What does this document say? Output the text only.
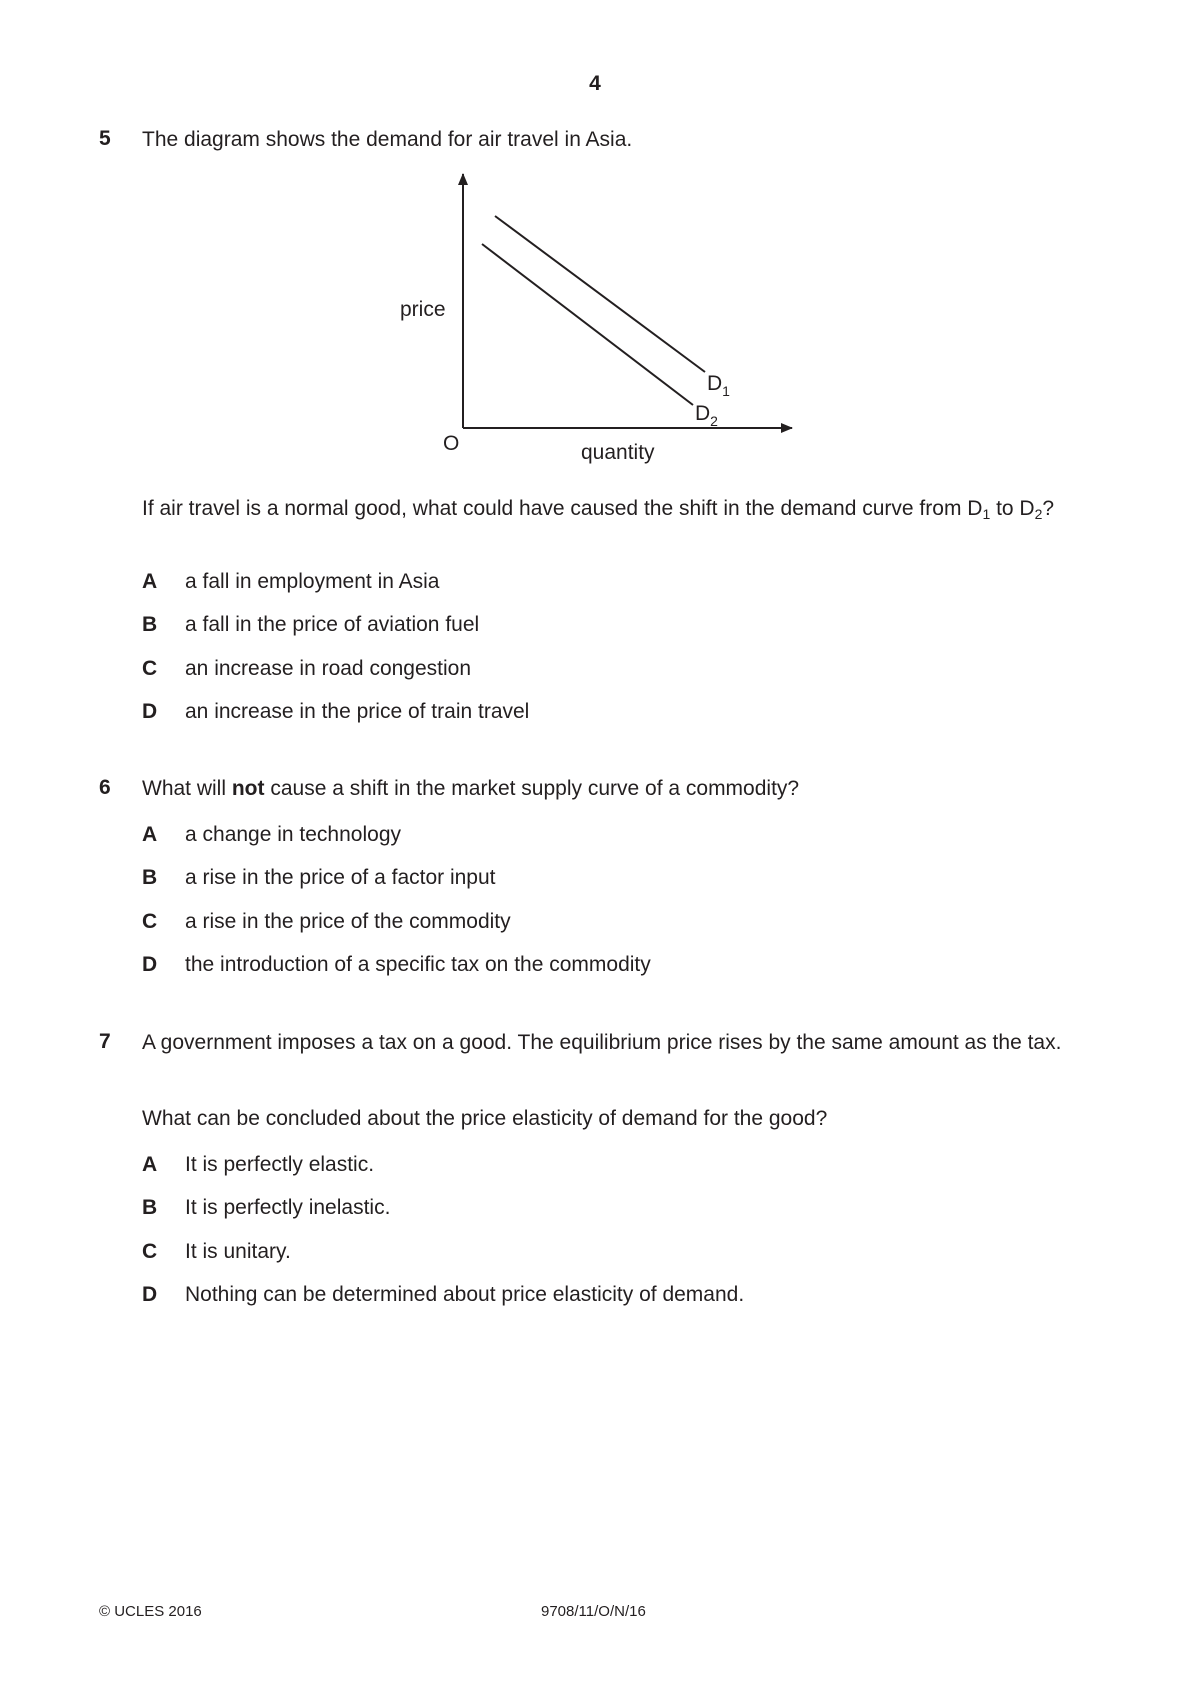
4
5 The diagram shows the demand for air travel in Asia.
price
quantity
O
$D_1$
$D_2$
If air travel is a normal good, what could have caused the shift in the demand curve from $D_1$ to $D_2$?
A a fall in employment in Asia
B a fall in the price of aviation fuel
C an increase in road congestion
D an increase in the price of train travel
6 What will not cause a shift in the market supply curve of a commodity?
A a change in technology
B a rise in the price of a factor input
C a rise in the price of the commodity
D the introduction of a specific tax on the commodity
7 A government imposes a tax on a good. The equilibrium price rises by the same amount as the tax.
What can be concluded about the price elasticity of demand for the good?
A It is perfectly elastic.
B It is perfectly inelastic.
C It is unitary.
D Nothing can be determined about price elasticity of demand.
© UCLES 2016	9708/11/O/N/16
